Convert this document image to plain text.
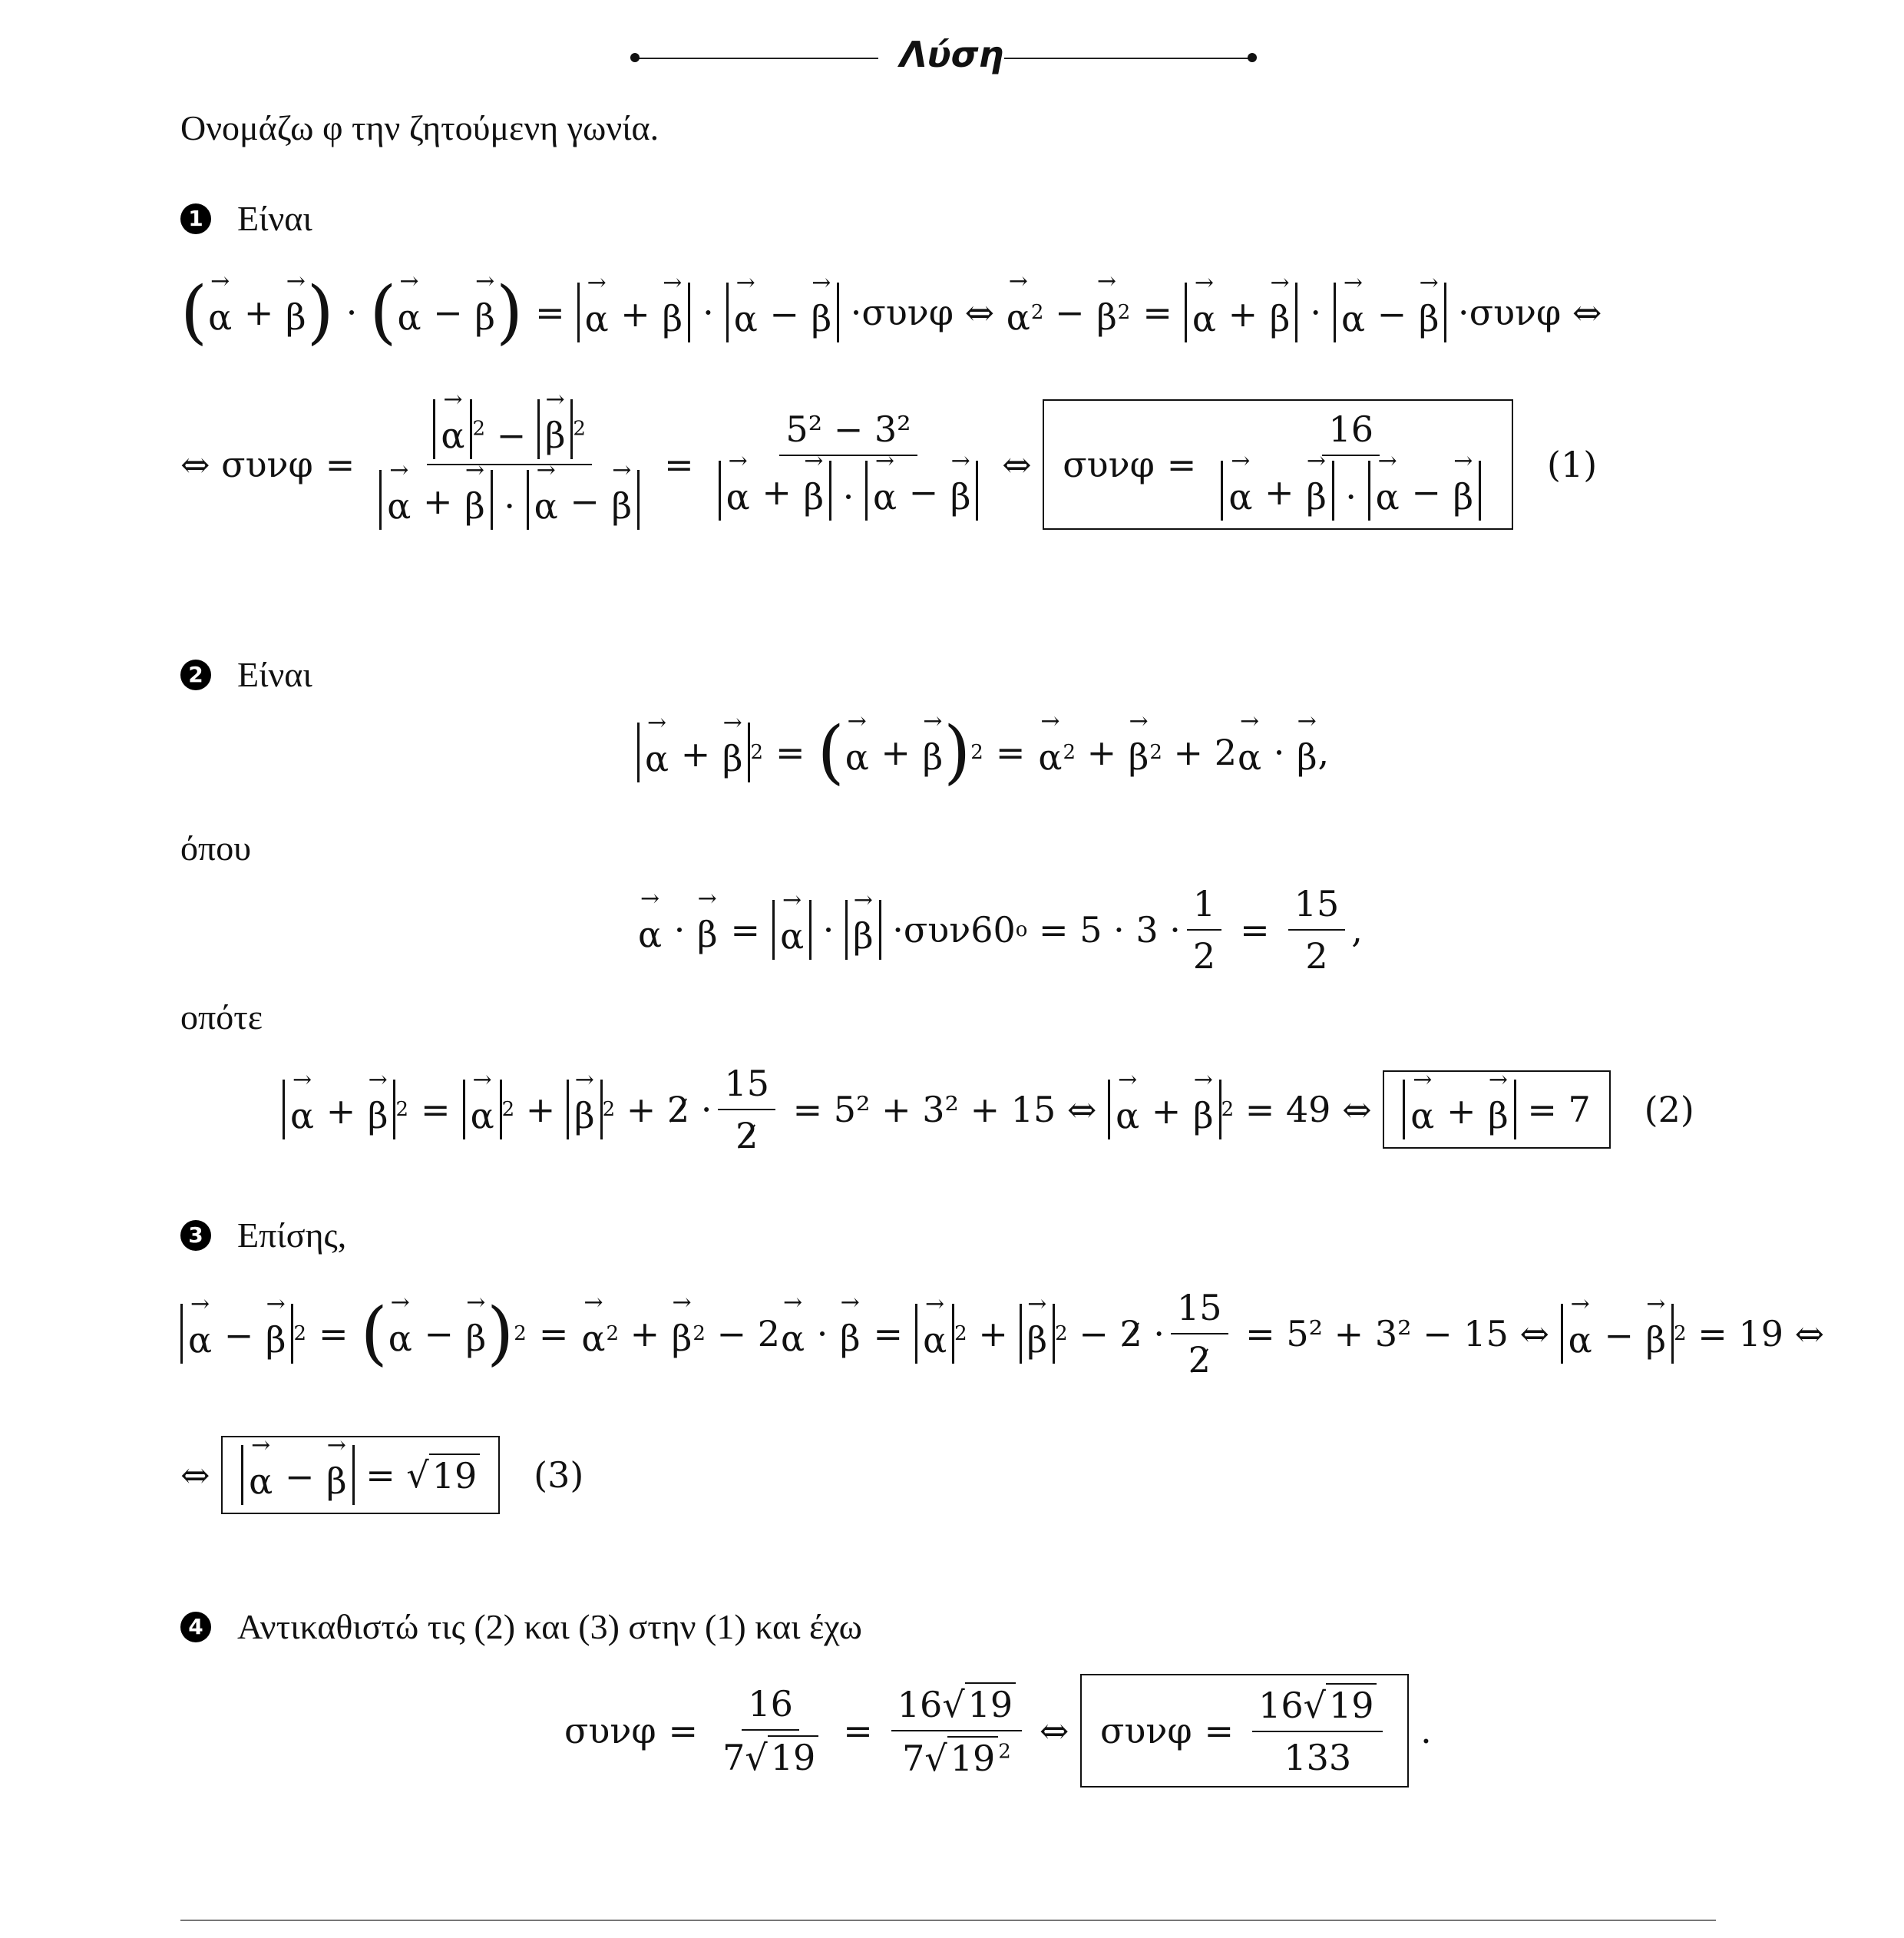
Λύση
Ονομάζω φ την ζητούμενη γωνία.
1 Είναι
( → α + → β ) · ( → α − → β ) = → α + → β · → α − → β · συνφ
⇔
→ α 2 − → β 2 = → α + → β · → α − → β · συνφ
⇔
⇔
συνφ = → α $^2$ − → β $^2$
→ α + → β · → α − → β = 5² − 3²
→ α + → β · → α − → β
⇔
συνφ = 16
→ α + → β · → α − → β
(1)
2 Είναι
→ α + → β 2 = ( → α + → β ) 2 = → α 2 + → β 2 + 2 → α · → β ,
όπου
→ α · → β = → α · → β · συν60 o
= $5 \cdot 3 \cdot \frac{1}{2} = \frac{15}{2}$ ,
οπότε
→ α + → β 2 = → α 2 + → β $2 + 2 \cdot \frac{15}{2}$
= 5² + 3² + 15 ⇔
→ α + → β 2
= 49 ⇔
→ α + → β
= 7
(2)
3 Επίσης,
→ α − → β 2 = ( → α − → β ) 2 = → α 2 + → β 2 − 2 → α · → β = → α 2 + → β $2 - 2 \cdot \frac{15}{2}$
= 5² + 3² − 15 ⇔
→ α − → β 2
= 19 ⇔
⇔
→ α − → β = √ 19
(3)
4 Αντικαθιστώ τις (2) και (3) στην (1) και έχω
$\sigma\upsilon\nu\varphi = \frac{16}{7√19} = \frac{16√19}{7√19 ^2}$
⇔
$\sigma\upsilon\nu\varphi = \frac{16√19}{133}$ .
